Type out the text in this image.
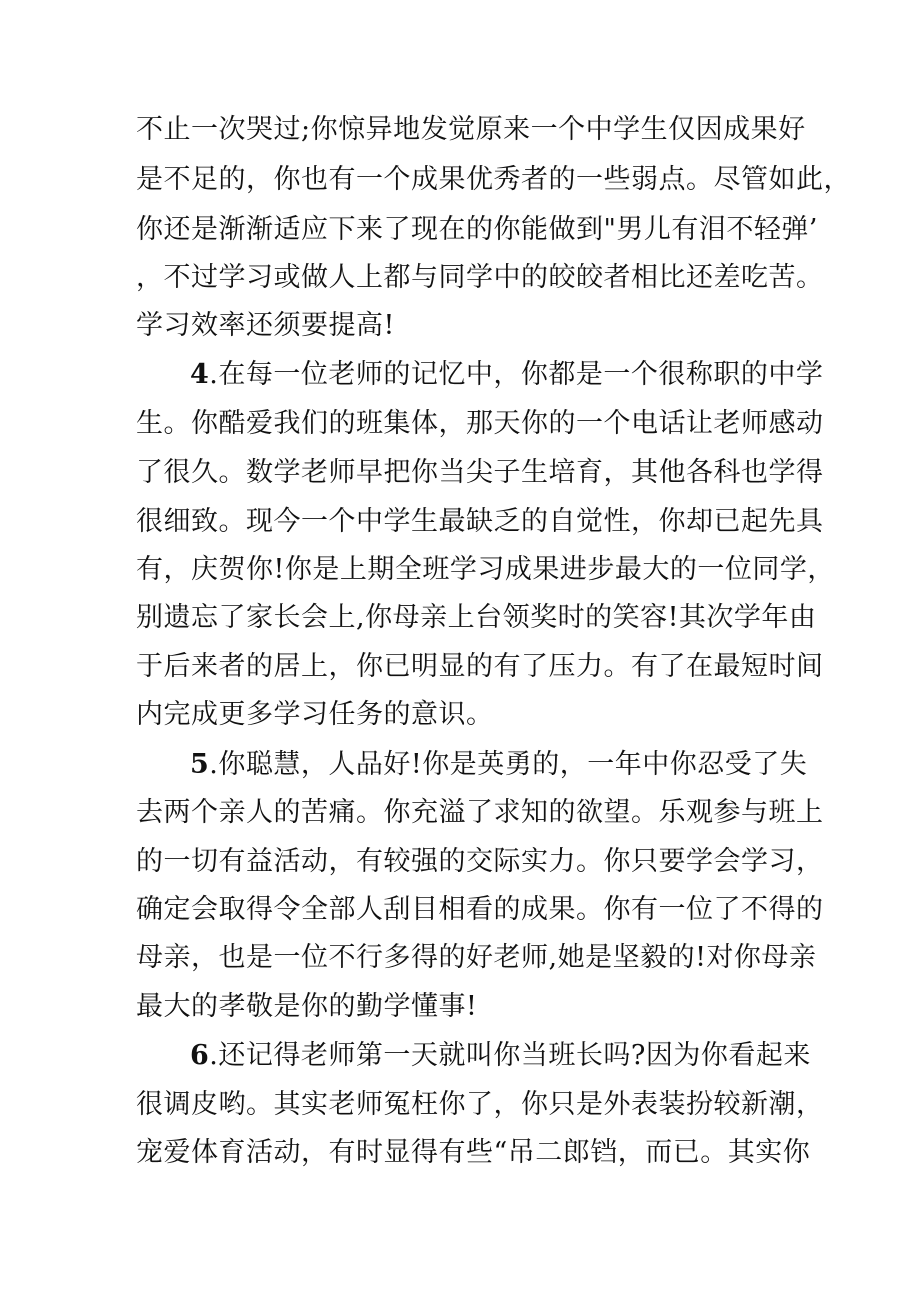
不止一次哭过;你惊异地发觉原来一个中学生仅因成果好
是不足的，你也有一个成果优秀者的一些弱点。尽管如此，
你还是渐渐适应下来了现在的你能做到"男儿有泪不轻弹’
，不过学习或做人上都与同学中的皎皎者相比还差吃苦。
学习效率还须要提高!
4.在每一位老师的记忆中，你都是一个很称职的中学
生。你酷爱我们的班集体，那天你的一个电话让老师感动
了很久。数学老师早把你当尖子生培育，其他各科也学得
很细致。现今一个中学生最缺乏的自觉性，你却已起先具
有，庆贺你!你是上期全班学习成果进步最大的一位同学，
别遗忘了家长会上,你母亲上台领奖时的笑容!其次学年由
于后来者的居上，你已明显的有了压力。有了在最短时间
内完成更多学习任务的意识。
5.你聪慧，人品好!你是英勇的，一年中你忍受了失
去两个亲人的苦痛。你充溢了求知的欲望。乐观参与班上
的一切有益活动，有较强的交际实力。你只要学会学习，
确定会取得令全部人刮目相看的成果。你有一位了不得的
母亲，也是一位不行多得的好老师,她是坚毅的!对你母亲
最大的孝敬是你的勤学懂事!
6.还记得老师第一天就叫你当班长吗?因为你看起来
很调皮哟。其实老师冤枉你了，你只是外表装扮较新潮，
宠爱体育活动，有时显得有些“吊二郎铛，而已。其实你
